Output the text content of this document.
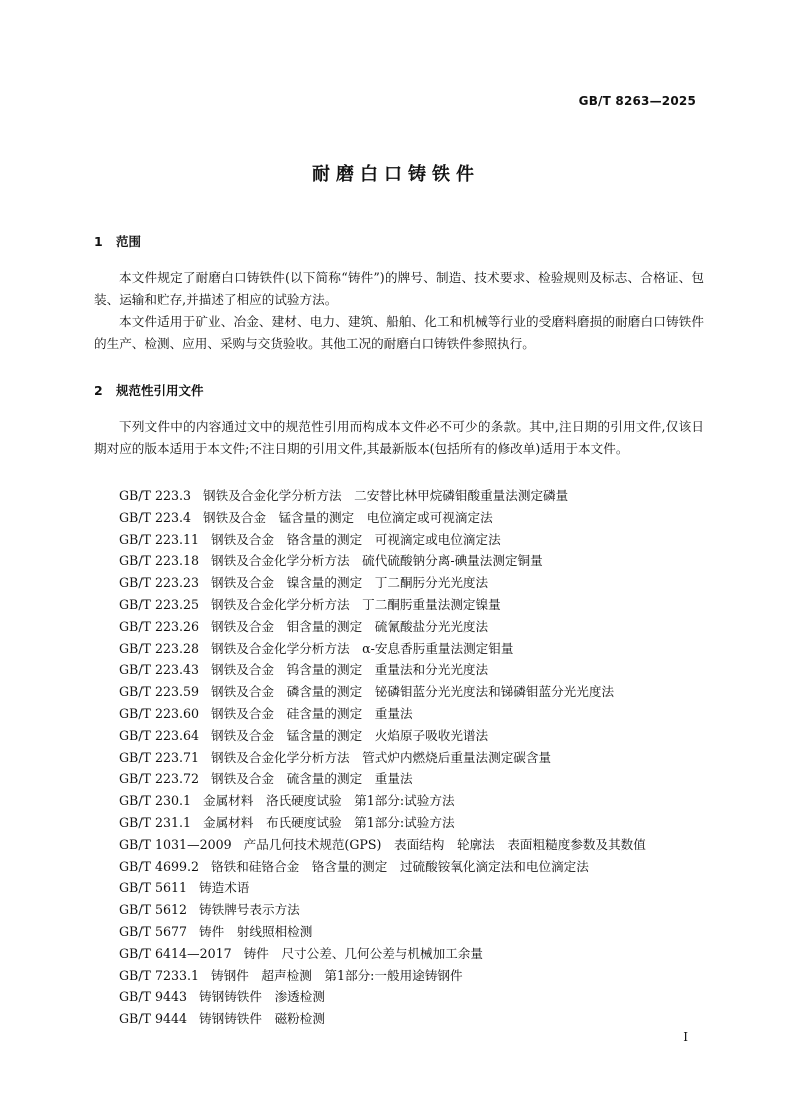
GB/T 8263—2025
耐磨白口铸铁件
1 范围

本文件规定了耐磨白口铸铁件(以下简称“铸件”)的牌号、制造、技术要求、检验规则及标志、合格证、包装、运输和贮存,并描述了相应的试验方法。

本文件适用于矿业、冶金、建材、电力、建筑、船舶、化工和机械等行业的受磨料磨损的耐磨白口铸铁件的生产、检测、应用、采购与交货验收。其他工况的耐磨白口铸铁件参照执行。

2 规范性引用文件

下列文件中的内容通过文中的规范性引用而构成本文件必不可少的条款。其中,注日期的引用文件,仅该日期对应的版本适用于本文件;不注日期的引用文件,其最新版本(包括所有的修改单)适用于本文件。

GB/T 223.3 钢铁及合金化学分析方法　二安替比林甲烷磷钼酸重量法测定磷量
GB/T 223.4 钢铁及合金　锰含量的测定　电位滴定或可视滴定法
GB/T 223.11 钢铁及合金　铬含量的测定　可视滴定或电位滴定法
GB/T 223.18 钢铁及合金化学分析方法　硫代硫酸钠分离-碘量法测定铜量
GB/T 223.23 钢铁及合金　镍含量的测定　丁二酮肟分光光度法
GB/T 223.25 钢铁及合金化学分析方法　丁二酮肟重量法测定镍量
GB/T 223.26 钢铁及合金　钼含量的测定　硫氰酸盐分光光度法
GB/T 223.28 钢铁及合金化学分析方法　α-安息香肟重量法测定钼量
GB/T 223.43 钢铁及合金　钨含量的测定　重量法和分光光度法
GB/T 223.59 钢铁及合金　磷含量的测定　铋磷钼蓝分光光度法和锑磷钼蓝分光光度法
GB/T 223.60 钢铁及合金　硅含量的测定　重量法
GB/T 223.64 钢铁及合金　锰含量的测定　火焰原子吸收光谱法
GB/T 223.71 钢铁及合金化学分析方法　管式炉内燃烧后重量法测定碳含量
GB/T 223.72 钢铁及合金　硫含量的测定　重量法
GB/T 230.1 金属材料　洛氏硬度试验　第1部分:试验方法
GB/T 231.1 金属材料　布氏硬度试验　第1部分:试验方法
GB/T 1031—2009 产品几何技术规范(GPS)　表面结构　轮廓法　表面粗糙度参数及其数值
GB/T 4699.2 铬铁和硅铬合金　铬含量的测定　过硫酸铵氧化滴定法和电位滴定法
GB/T 5611 铸造术语
GB/T 5612 铸铁牌号表示方法
GB/T 5677 铸件　射线照相检测
GB/T 6414—2017 铸件　尺寸公差、几何公差与机械加工余量
GB/T 7233.1 铸钢件　超声检测　第1部分:一般用途铸钢件
GB/T 9443 铸钢铸铁件　渗透检测
GB/T 9444 铸钢铸铁件　磁粉检测
I
